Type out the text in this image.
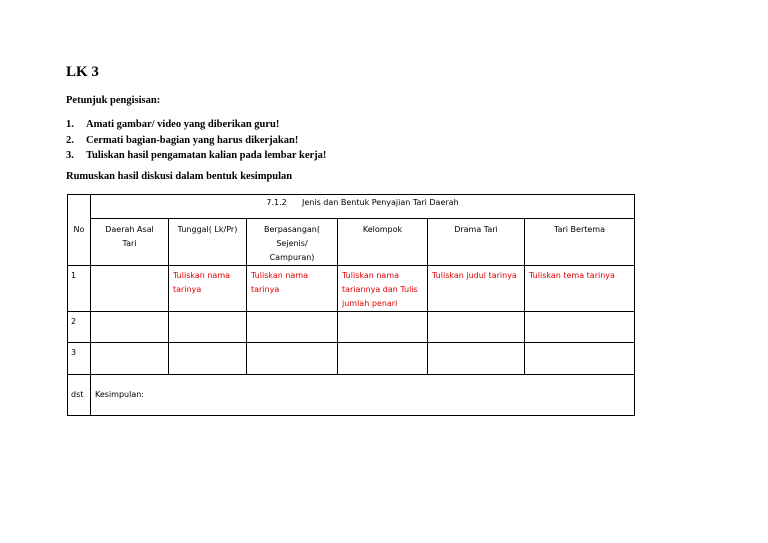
LK 3
Petunjuk pengisisan:
1. Amati gambar/ video yang diberikan guru!
2. Cermati bagian-bagian yang harus dikerjakan!
3. Tuliskan hasil pengamatan kalian pada lembar kerja!
Rumuskan hasil diskusi dalam bentuk kesimpulan
No	7.1.2      Jenis dan Bentuk Penyajian Tari Daerah					
	Daerah Asal Tari	Tunggal( Lk/Pr)	Berpasangan( Sejenis/ Campuran)	Kelompok	Drama Tari	Tari Bertema
1		Tuliskan nama tarinya	Tuliskan nama tarinya	Tuliskan nama tariannya dan Tulis jumlah penari	Tuliskan judul tarinya	Tuliskan tema tarinya
2						
3						
dst	Kesimpulan:					
